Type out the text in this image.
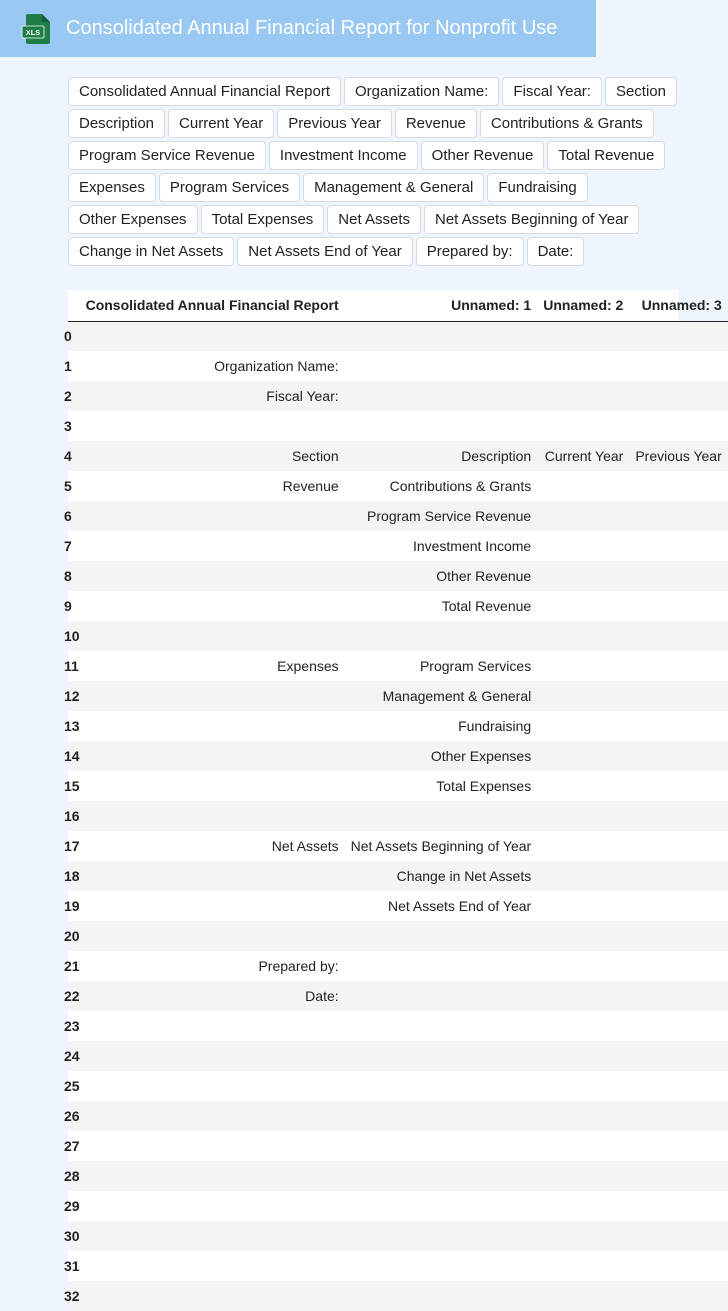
XLS Consolidated Annual Financial Report for Nonprofit Use
Consolidated Annual Financial Report	Organization Name:	Fiscal Year:	Section
Description	Current Year	Previous Year	Revenue	Contributions & Grants
Program Service Revenue	Investment Income	Other Revenue	Total Revenue
Expenses	Program Services	Management & General	Fundraising
Other Expenses	Total Expenses	Net Assets	Net Assets Beginning of Year
Change in Net Assets	Net Assets End of Year	Prepared by:	Date:
	Consolidated Annual Financial Report	Unnamed: 1	Unnamed: 2	Unnamed: 3
0				
1	Organization Name:			
2	Fiscal Year:			
3				
4	Section	Description	Current Year	Previous Year
5	Revenue	Contributions & Grants		
6		Program Service Revenue		
7		Investment Income		
8		Other Revenue		
9		Total Revenue		
10				
11	Expenses	Program Services		
12		Management & General		
13		Fundraising		
14		Other Expenses		
15		Total Expenses		
16				
17	Net Assets	Net Assets Beginning of Year		
18		Change in Net Assets		
19		Net Assets End of Year		
20				
21	Prepared by:			
22	Date:			
23				
24				
25				
26				
27				
28				
29				
30				
31				
32				
